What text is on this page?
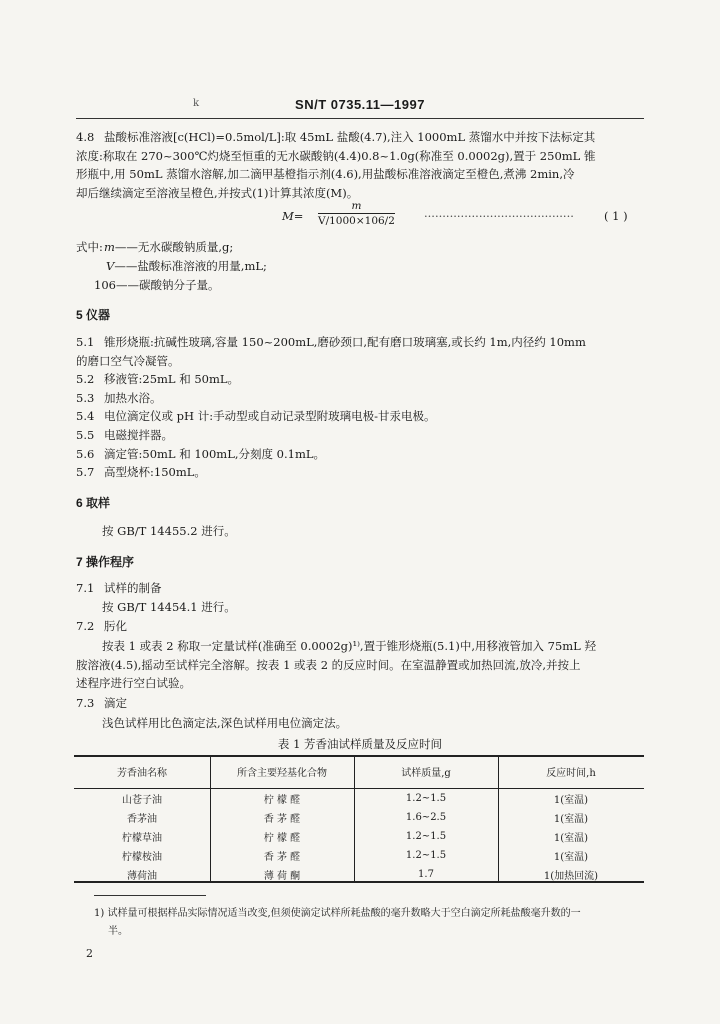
k	SN/T 0735.11—1997
4.8 盐酸标准溶液[c(HCl)=0.5mol/L]:取 45mL 盐酸(4.7),注入 1000mL 蒸馏水中并按下法标定其
浓度:称取在 270~300℃灼烧至恒重的无水碳酸钠(4.4)0.8~1.0g(称准至 0.0002g),置于 250mL 锥
形瓶中,用 50mL 蒸馏水溶解,加二滴甲基橙指示剂(4.6),用盐酸标准溶液滴定至橙色,煮沸 2min,冷
却后继续滴定至溶液呈橙色,并按式(1)计算其浓度(M)。
$M= \frac{m}{V/1000\times 106/2}$	·········································	( 1 )
式中: m——无水碳酸钠质量,g;
V——盐酸标准溶液的用量,mL;
106——碳酸钠分子量。
5 仪器
5.1 锥形烧瓶:抗碱性玻璃,容量 150~200mL,磨砂颈口,配有磨口玻璃塞,或长约 1m,内径约 10mm
的磨口空气冷凝管。
5.2 移液管:25mL 和 50mL。
5.3 加热水浴。
5.4 电位滴定仪或 pH 计:手动型或自动记录型附玻璃电极-甘汞电极。
5.5 电磁搅拌器。
5.6 滴定管:50mL 和 100mL,分刻度 0.1mL。
5.7 高型烧杯:150mL。
6 取样
按 GB/T 14455.2 进行。
7 操作程序
7.1 试样的制备
按 GB/T 14454.1 进行。
7.2 肟化
按表 1 或表 2 称取一定量试样(准确至 0.0002g)¹⁾,置于锥形烧瓶(5.1)中,用移液管加入 75mL 羟
胺溶液(4.5),摇动至试样完全溶解。按表 1 或表 2 的反应时间。在室温静置或加热回流,放冷,并按上
述程序进行空白试验。
7.3 滴定
浅色试样用比色滴定法,深色试样用电位滴定法。
表 1 芳香油试样质量及反应时间
芳香油名称	所含主要羟基化合物	试样质量,g	反应时间,h
山苍子油	柠 檬 醛	1.2~1.5	1(室温)
香茅油	香 茅 醛	1.6~2.5	1(室温)
柠檬草油	柠 檬 醛	1.2~1.5	1(室温)
柠檬桉油	香 茅 醛	1.2~1.5	1(室温)
薄荷油	薄 荷 酮	1.7	1(加热回流)
1) 试样量可根据样品实际情况适当改变,但须使滴定试样所耗盐酸的毫升数略大于空白滴定所耗盐酸毫升数的一
半。
2
